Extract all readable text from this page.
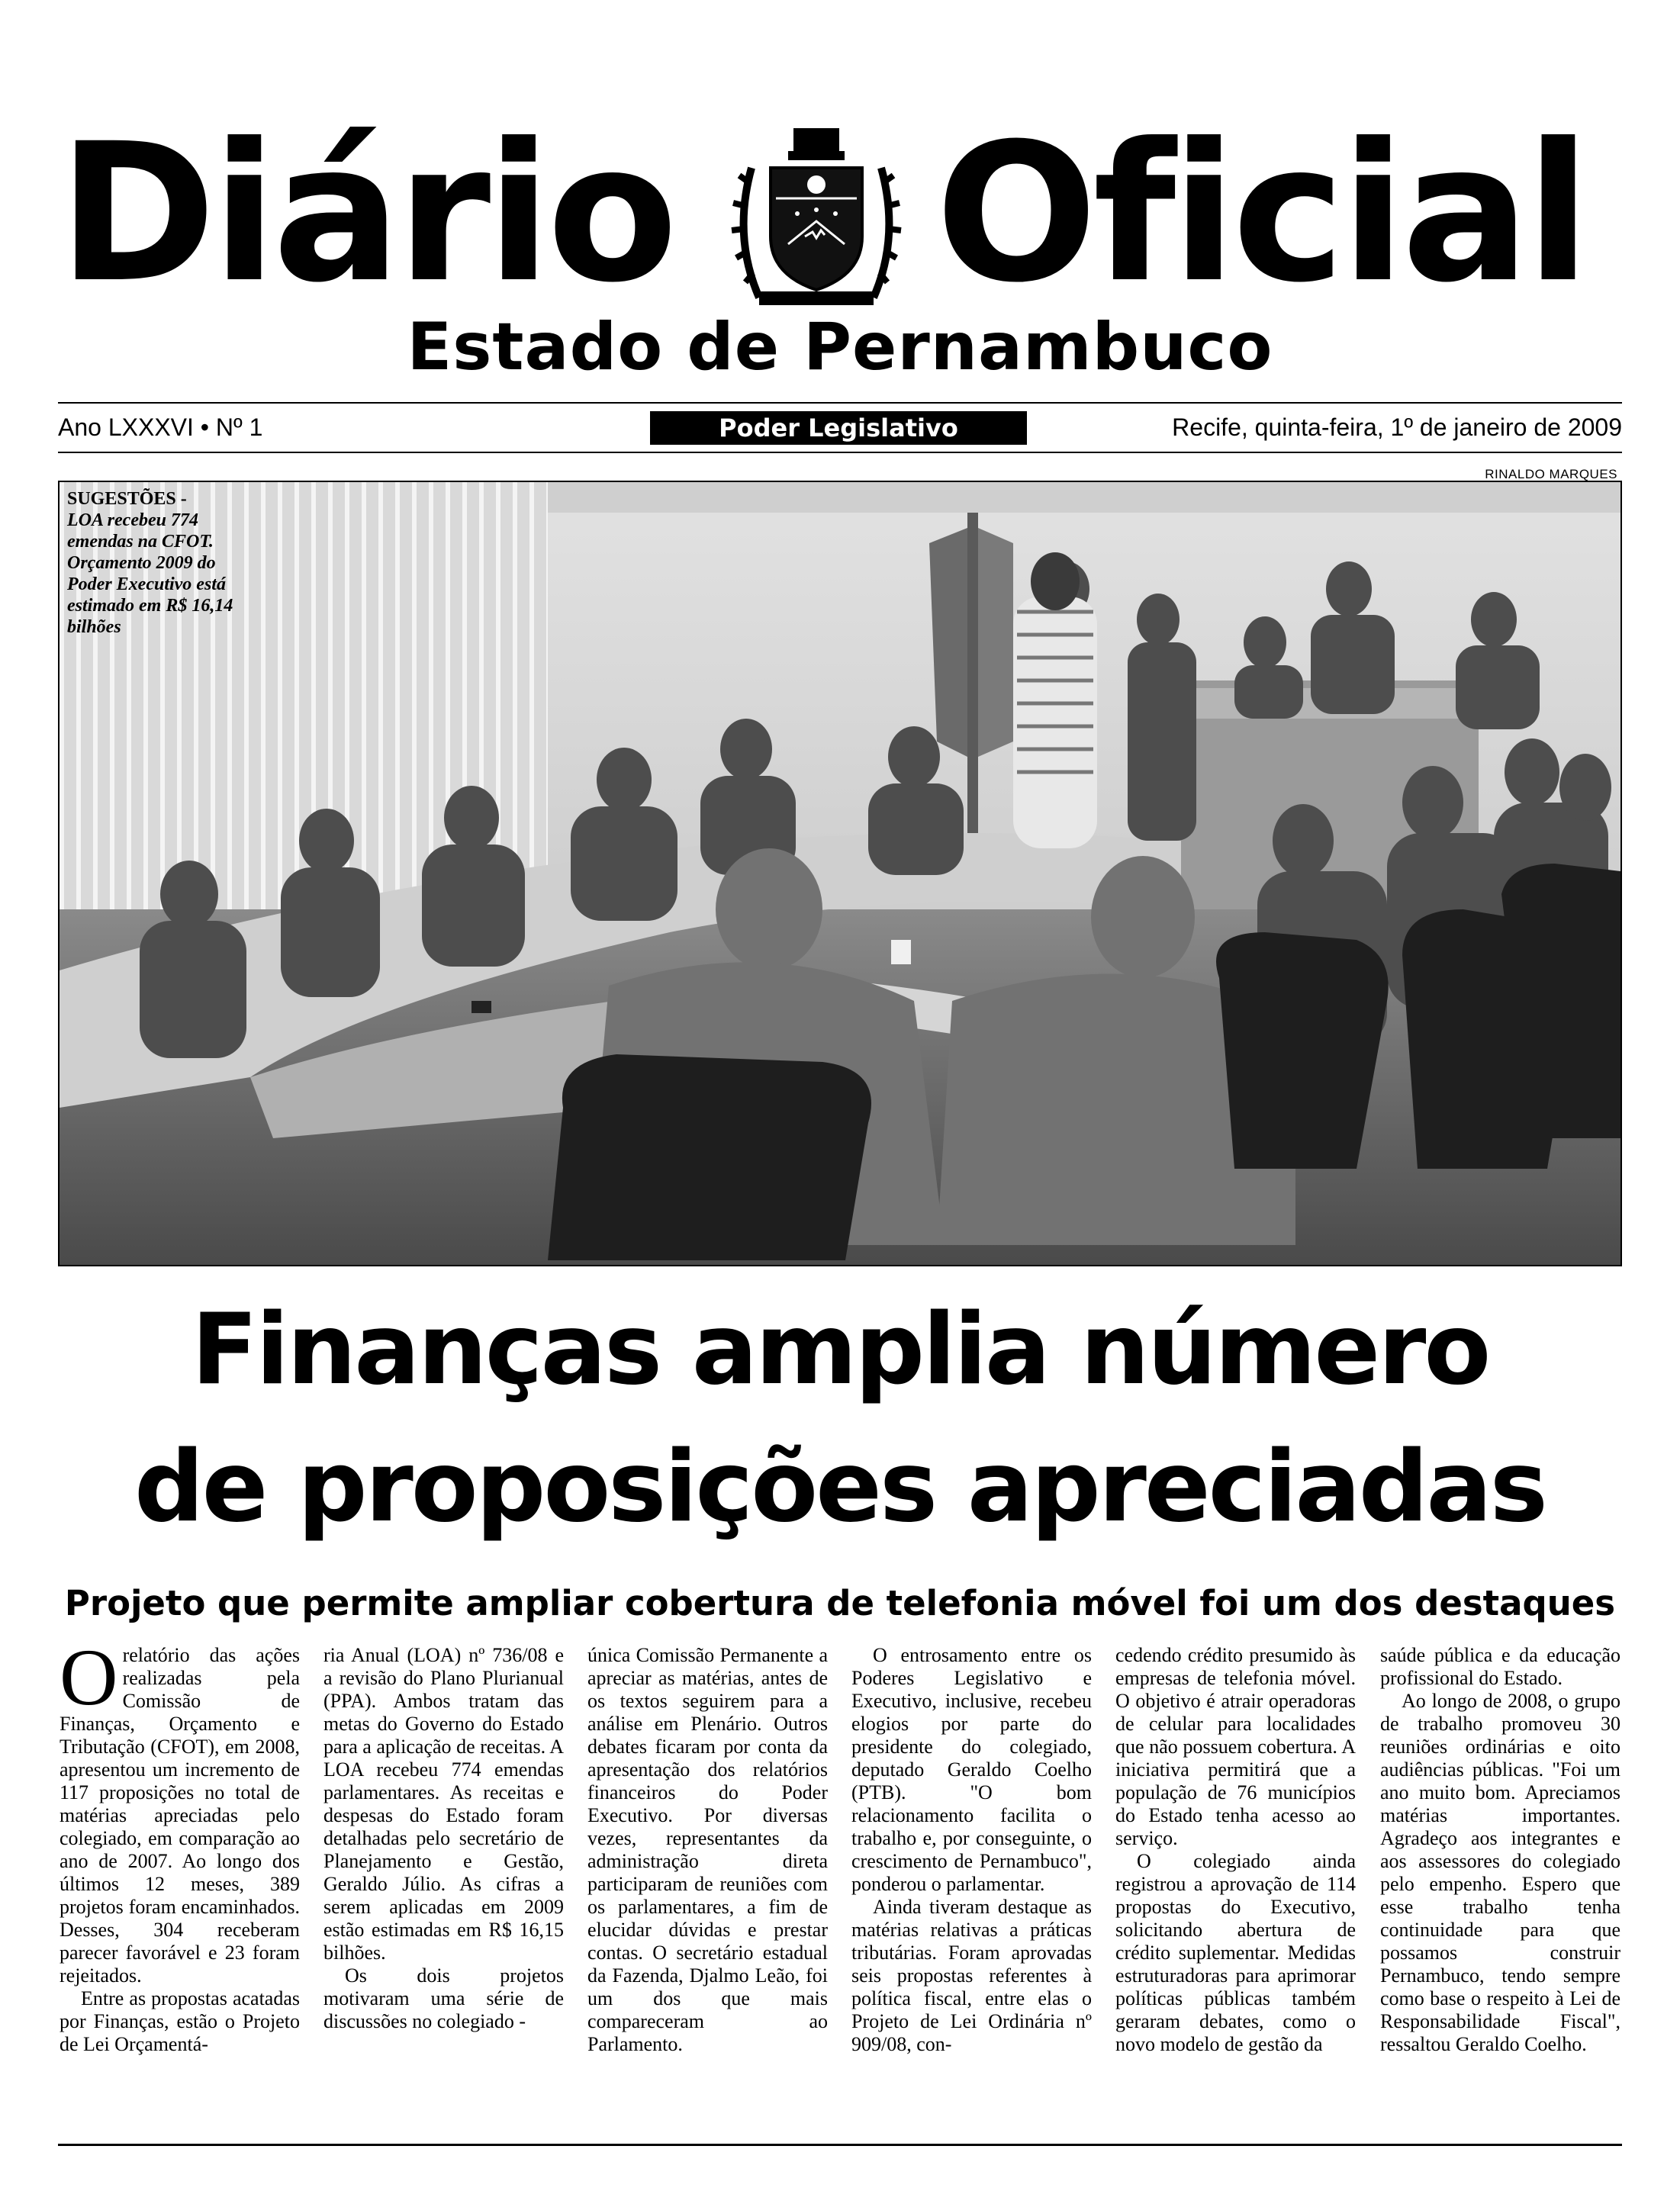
Diário Oficial
Estado de Pernambuco
Ano LXXXVI • Nº 1	Poder Legislativo	Recife, quinta-feira, 1º de janeiro de 2009
RINALDO MARQUES
SUGESTÕES -
LOA recebeu 774 emendas na CFOT. Orçamento 2009 do Poder Executivo está estimado em R$ 16,14 bilhões
Finanças amplia número
de proposições apreciadas
Projeto que permite ampliar cobertura de telefonia móvel foi um dos destaques

Orelatório das ações realizadas pela Comissão de Finanças, Orçamento e Tributação (CFOT), em 2008, apresentou um incremento de 117 proposições no total de matérias apreciadas pelo colegiado, em comparação ao ano de 2007. Ao longo dos últimos 12 meses, 389 projetos foram encaminhados. Desses, 304 receberam parecer favorável e 23 foram rejeitados.

Entre as propostas acatadas por Finanças, estão o Projeto de Lei Orçamentá-

ria Anual (LOA) nº 736/08 e a revisão do Plano Plurianual (PPA). Ambos tratam das metas do Governo do Estado para a aplicação de receitas. A LOA recebeu 774 emendas parlamentares. As receitas e despesas do Estado foram detalhadas pelo secretário de Planejamento e Gestão, Geraldo Júlio. As cifras a serem aplicadas em 2009 estão estimadas em R$ 16,15 bilhões.

Os dois projetos motivaram uma série de discussões no colegiado -

única Comissão Permanente a apreciar as matérias, antes de os textos seguirem para a análise em Plenário. Outros debates ficaram por conta da apresentação dos relatórios financeiros do Poder Executivo. Por diversas vezes, representantes da administração direta participaram de reuniões com os parlamentares, a fim de elucidar dúvidas e prestar contas. O secretário estadual da Fazenda, Djalmo Leão, foi um dos que mais compareceram ao Parlamento.

O entrosamento entre os Poderes Legislativo e Executivo, inclusive, recebeu elogios por parte do presidente do colegiado, deputado Geraldo Coelho (PTB). "O bom relacionamento facilita o trabalho e, por conseguinte, o crescimento de Pernambuco", ponderou o parlamentar.

Ainda tiveram destaque as matérias relativas a práticas tributárias. Foram aprovadas seis propostas referentes à política fiscal, entre elas o Projeto de Lei Ordinária nº 909/08, con-

cedendo crédito presumido às empresas de telefonia móvel. O objetivo é atrair operadoras de celular para localidades que não possuem cobertura. A iniciativa permitirá que a população de 76 municípios do Estado tenha acesso ao serviço.

O colegiado ainda registrou a aprovação de 114 propostas do Executivo, solicitando abertura de crédito suplementar. Medidas estruturadoras para aprimorar políticas públicas também geraram debates, como o novo modelo de gestão da

saúde pública e da educação profissional do Estado.

Ao longo de 2008, o grupo de trabalho promoveu 30 reuniões ordinárias e oito audiências públicas. "Foi um ano muito bom. Apreciamos matérias importantes. Agradeço aos integrantes e aos assessores do colegiado pelo empenho. Espero que esse trabalho tenha continuidade para que possamos construir Pernambuco, tendo sempre como base o respeito à Lei de Responsabilidade Fiscal", ressaltou Geraldo Coelho.
